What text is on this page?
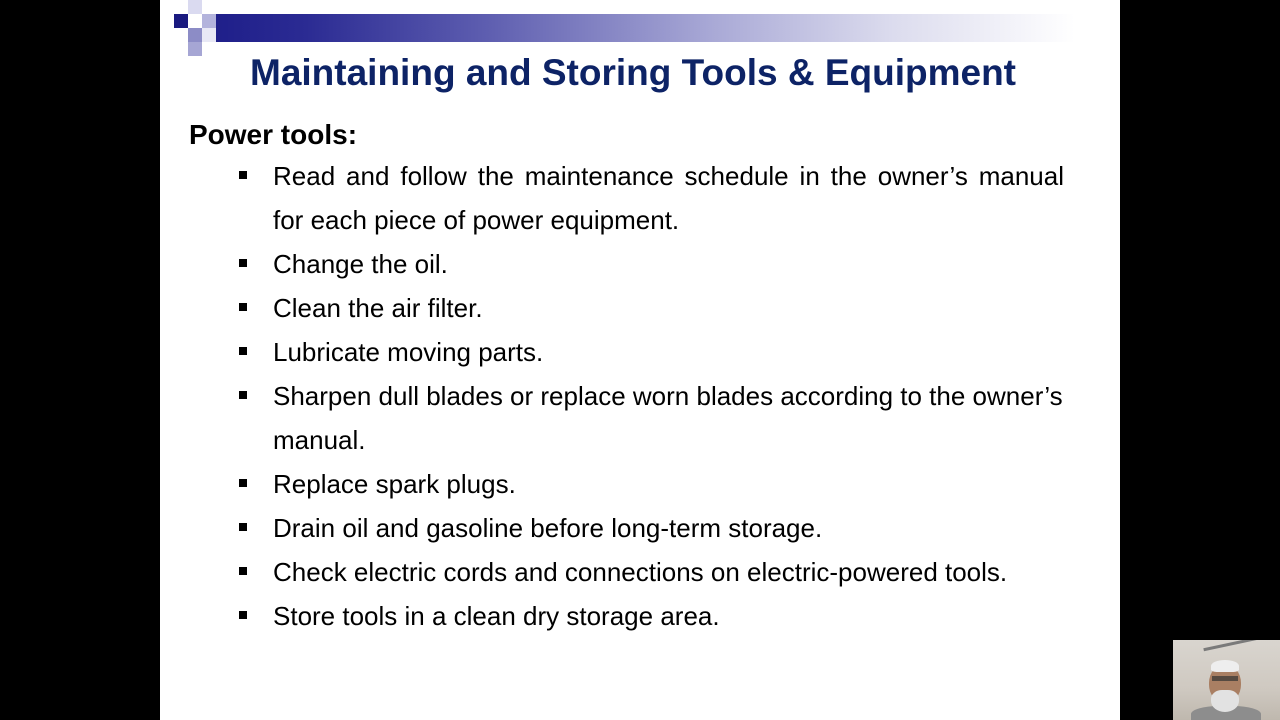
Maintaining and Storing Tools & Equipment
Power tools:
Read and follow the maintenance schedule in the owner’s manual for each piece of power equipment.
Change the oil.
Clean the air filter.
Lubricate moving parts.
Sharpen dull blades or replace worn blades according to the owner’s manual.
Replace spark plugs.
Drain oil and gasoline before long-term storage.
Check electric cords and connections on electric-powered tools.
Store tools in a clean dry storage area.
